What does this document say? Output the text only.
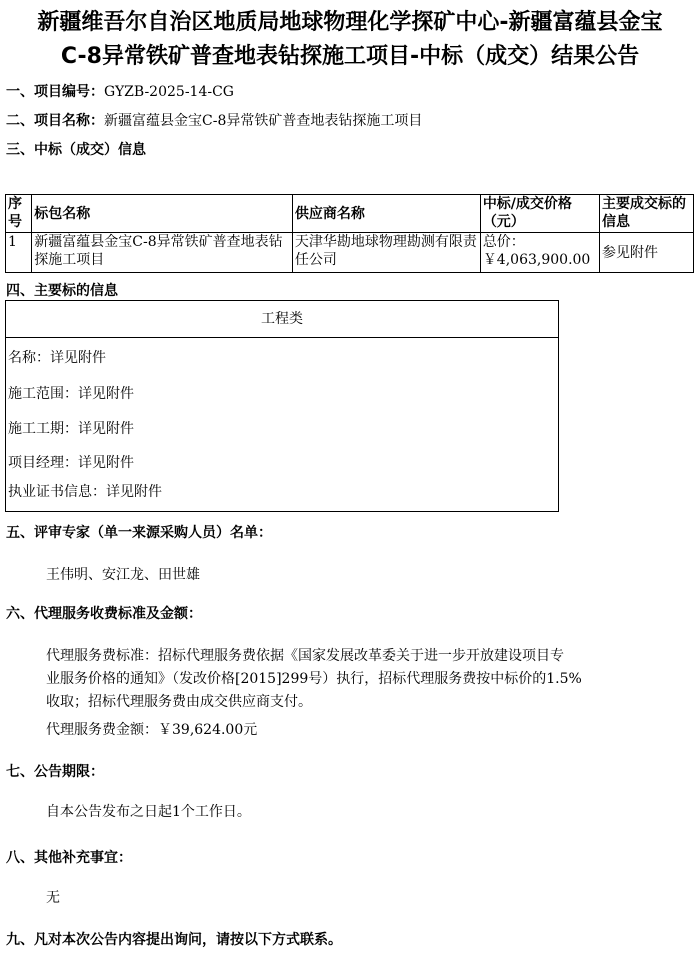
新疆维吾尔自治区地质局地球物理化学探矿中心-新疆富蕴县金宝
C-8异常铁矿普查地表钻探施工项目-中标（成交）结果公告
一、项目编号：GYZB-2025-14-CG
二、项目名称：新疆富蕴县金宝C-8异常铁矿普查地表钻探施工项目
三、中标（成交）信息
序号	标包名称	供应商名称	中标/成交价格（元）	主要成交标的信息
1	新疆富蕴县金宝C-8异常铁矿普查地表钻探施工项目	天津华勘地球物理勘测有限责任公司	总价：
￥4,063,900.00	参见附件
四、主要标的信息
工程类
名称：详见附件
施工范围：详见附件
施工工期：详见附件
项目经理：详见附件
执业证书信息：详见附件
五、评审专家（单一来源采购人员）名单：
王伟明、安江龙、田世雄
六、代理服务收费标准及金额：
代理服务费标准：招标代理服务费依据《国家发展改革委关于进一步开放建设项目专
业服务价格的通知》（发改价格[2015]299号）执行，招标代理服务费按中标价的1.5%
收取；招标代理服务费由成交供应商支付。
代理服务费金额：￥39,624.00元
七、公告期限：
自本公告发布之日起1个工作日。
八、其他补充事宜：
无
九、凡对本次公告内容提出询问，请按以下方式联系。
